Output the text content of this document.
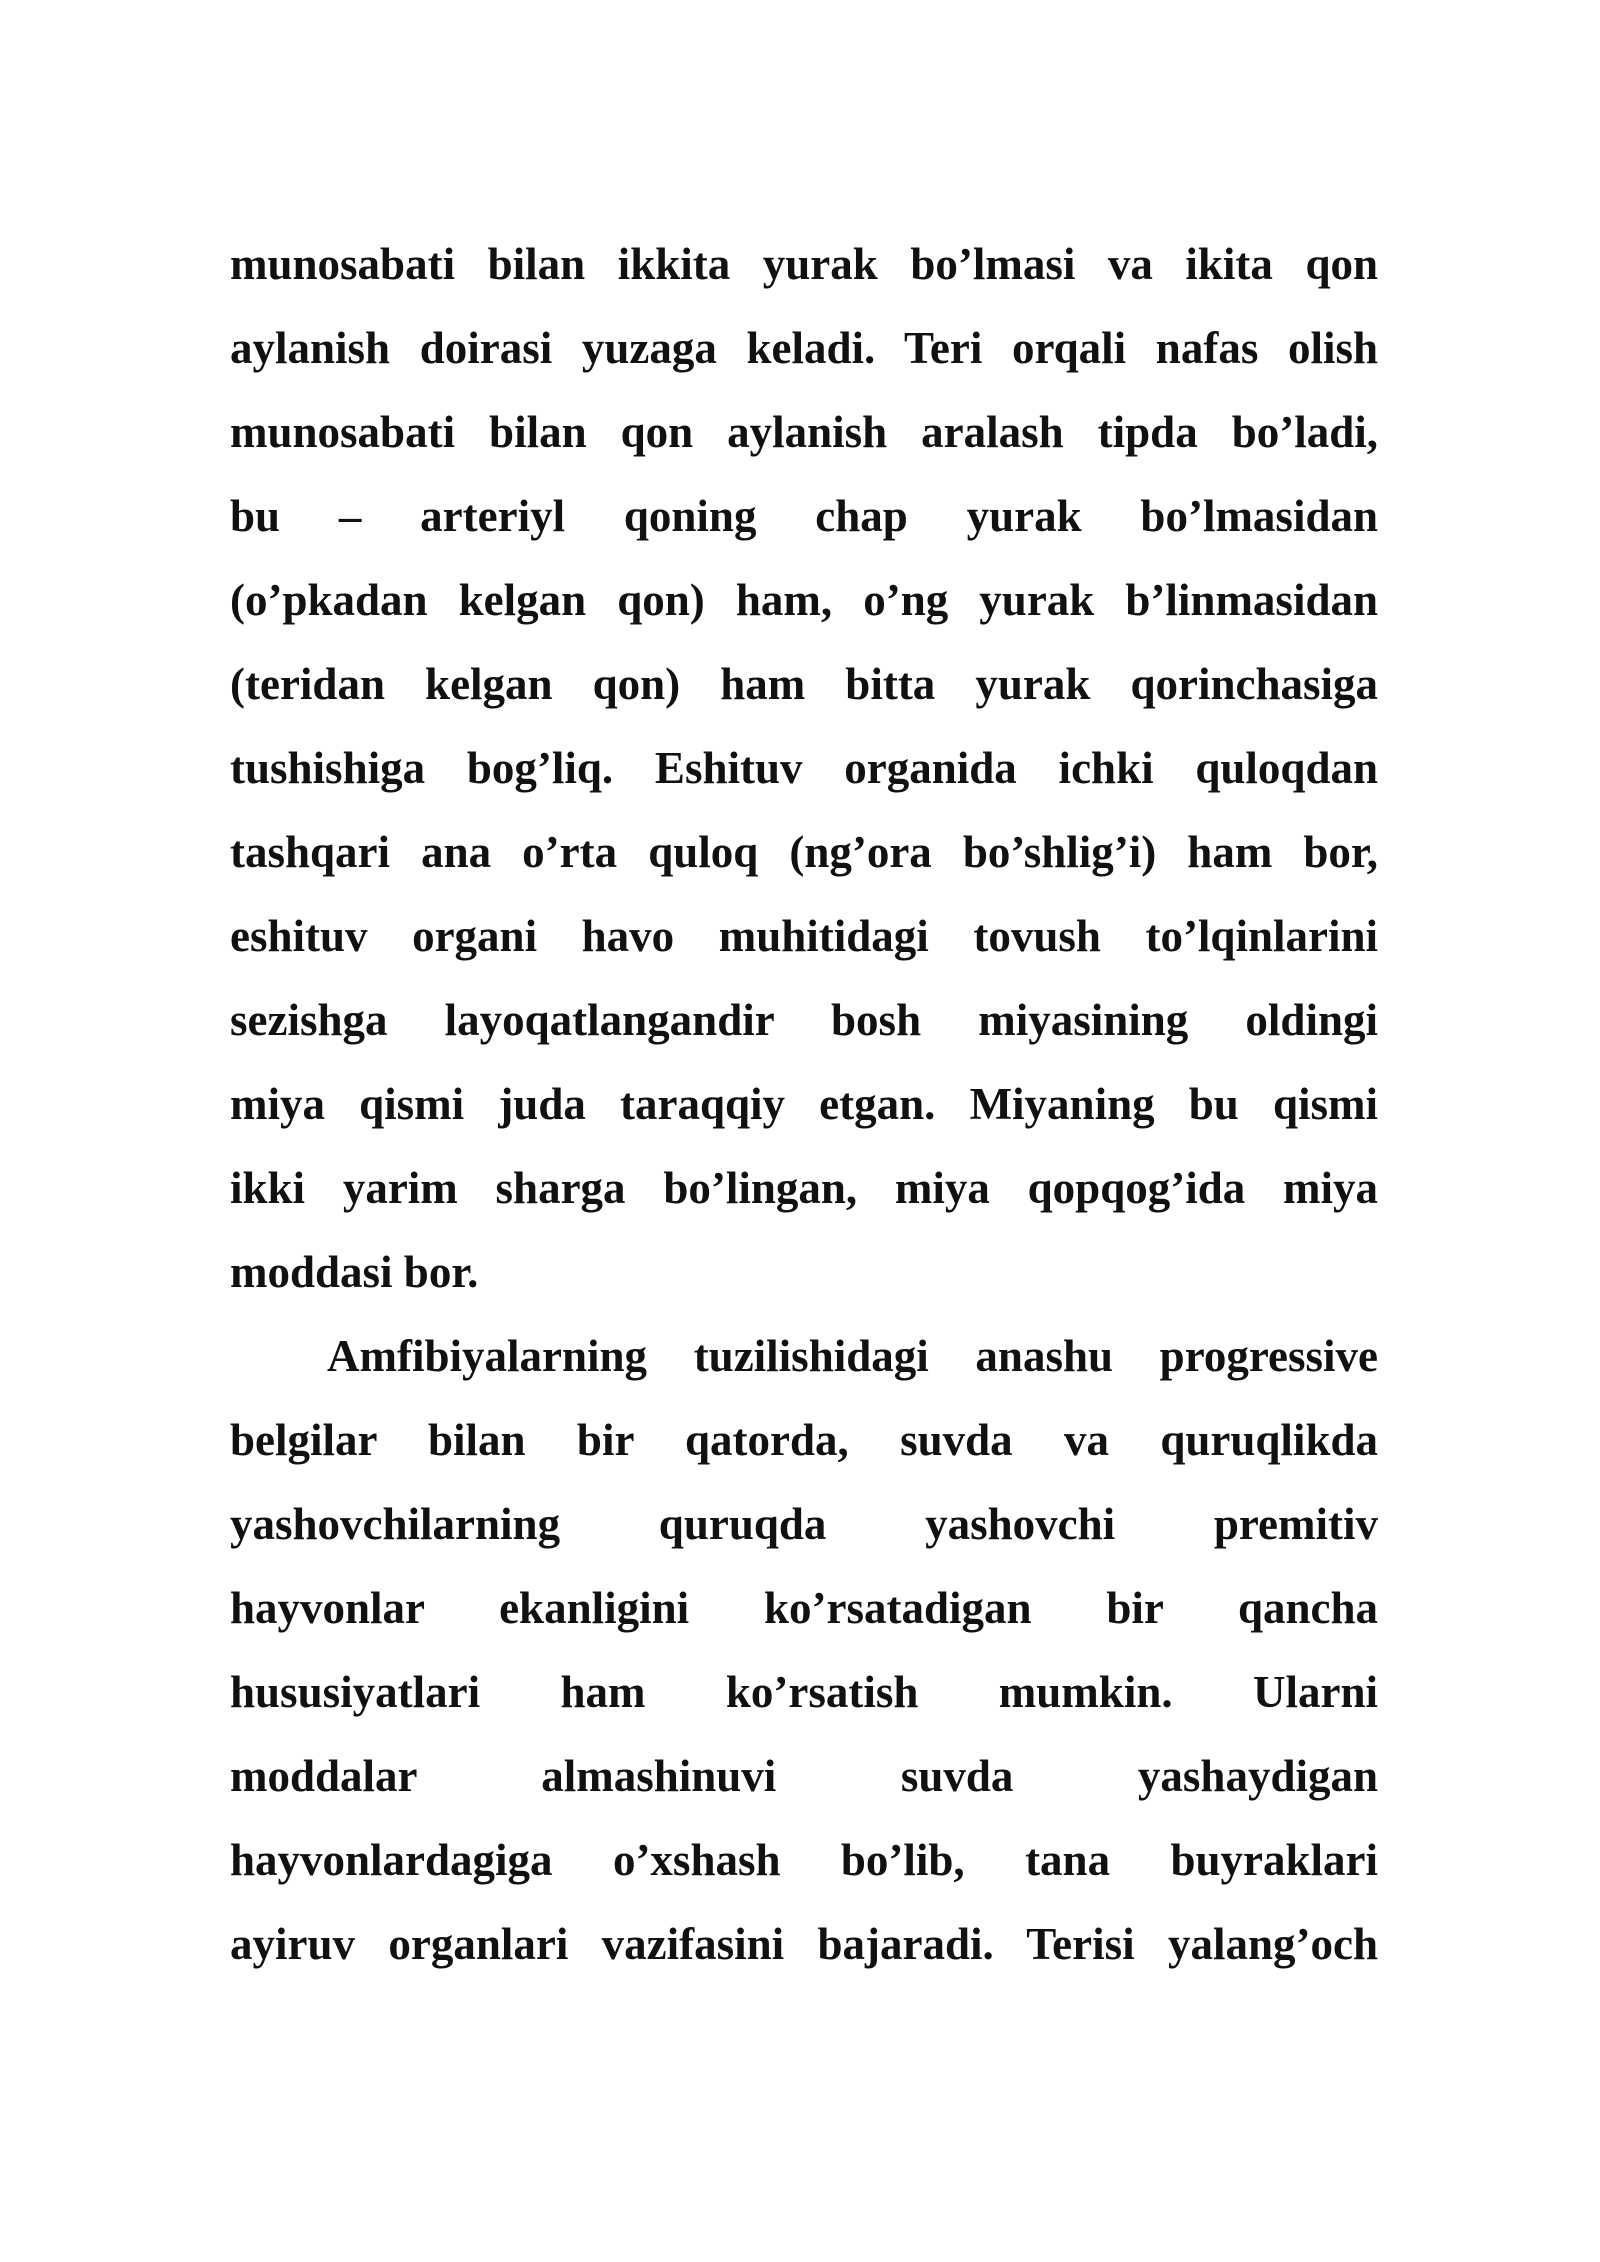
munosabati bilan ikkita yurak bo’lmasi va ikita qon
aylanish doirasi yuzaga keladi. Teri orqali nafas olish
munosabati bilan qon aylanish aralash tipda bo’ladi,
bu – arteriyl qoning chap yurak bo’lmasidan
(o’pkadan kelgan qon) ham, o’ng yurak b’linmasidan
(teridan kelgan qon) ham bitta yurak qorinchasiga
tushishiga bog’liq. Eshituv organida ichki quloqdan
tashqari ana o’rta quloq (ng’ora bo’shlig’i) ham bor,
eshituv organi havo muhitidagi tovush to’lqinlarini
sezishga layoqatlangandir bosh miyasining oldingi
miya qismi juda taraqqiy etgan. Miyaning bu qismi
ikki yarim sharga bo’lingan, miya qopqog’ida miya
moddasi bor.
Amfibiyalarning tuzilishidagi anashu progressive
belgilar bilan bir qatorda, suvda va quruqlikda
yashovchilarning quruqda yashovchi premitiv
hayvonlar ekanligini ko’rsatadigan bir qancha
hususiyatlari ham ko’rsatish mumkin. Ularni
moddalar almashinuvi suvda yashaydigan
hayvonlardagiga o’xshash bo’lib, tana buyraklari
ayiruv organlari vazifasini bajaradi. Terisi yalang’och
